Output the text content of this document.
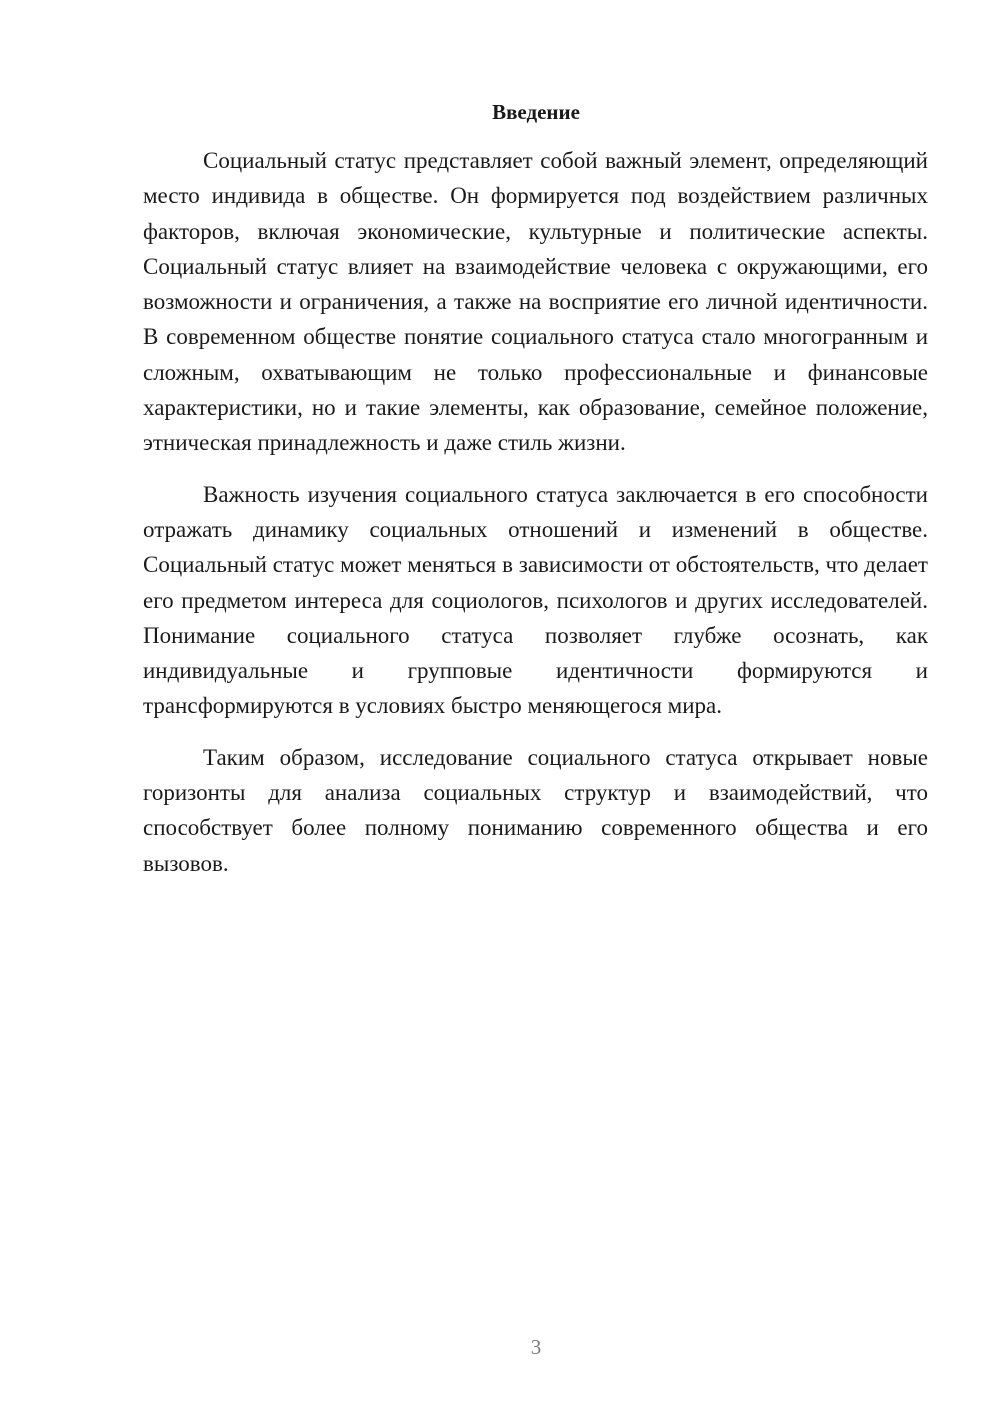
Введение

Социальный статус представляет собой важный элемент, определяющий место индивида в обществе. Он формируется под воздействием различных факторов, включая экономические, культурные и политические аспекты. Социальный статус влияет на взаимодействие человека с окружающими, его возможности и ограничения, а также на восприятие его личной идентичности. В современном обществе понятие социального статуса стало многогранным и сложным, охватывающим не только профессиональные и финансовые характеристики, но и такие элементы, как образование, семейное положение, этническая принадлежность и даже стиль жизни.

Важность изучения социального статуса заключается в его способности отражать динамику социальных отношений и изменений в обществе. Социальный статус может меняться в зависимости от обстоятельств, что делает его предметом интереса для социологов, психологов и других исследователей. Понимание социального статуса позволяет глубже осознать, как индивидуальные и групповые идентичности формируются и трансформируются в условиях быстро меняющегося мира.

Таким образом, исследование социального статуса открывает новые горизонты для анализа социальных структур и взаимодействий, что способствует более полному пониманию современного общества и его вызовов.

3
